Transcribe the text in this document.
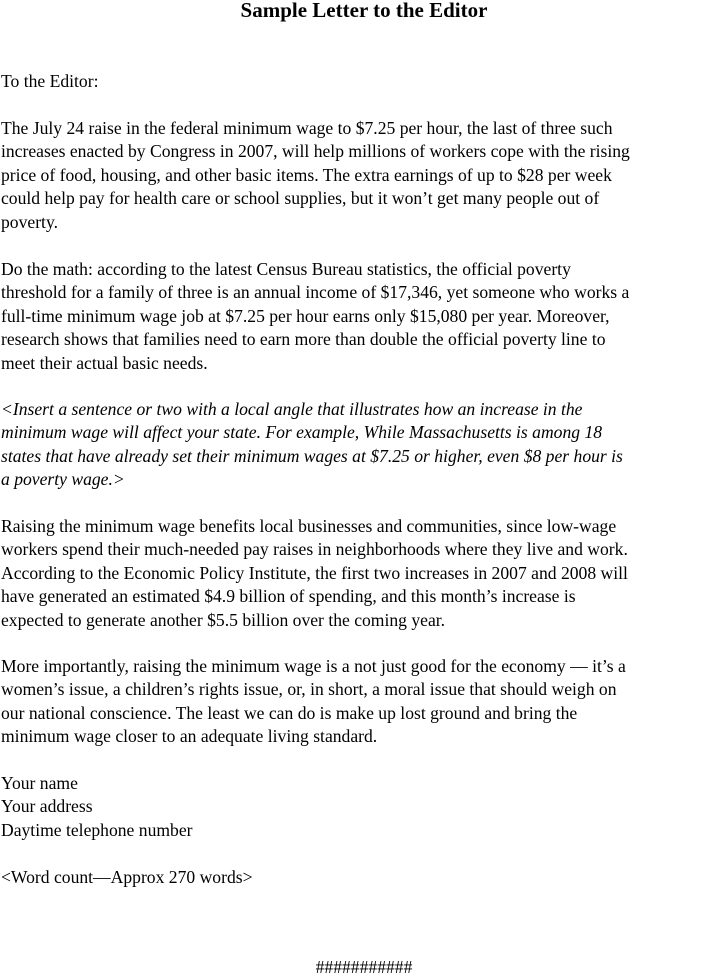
Sample Letter to the Editor

To the Editor:

The July 24 raise in the federal minimum wage to $7.25 per hour, the last of three such
increases enacted by Congress in 2007, will help millions of workers cope with the rising
price of food, housing, and other basic items. The extra earnings of up to $28 per week
could help pay for health care or school supplies, but it won’t get many people out of
poverty.
Do the math: according to the latest Census Bureau statistics, the official poverty
threshold for a family of three is an annual income of $17,346, yet someone who works a
full-time minimum wage job at $7.25 per hour earns only $15,080 per year. Moreover,
research shows that families need to earn more than double the official poverty line to
meet their actual basic needs.
<Insert a sentence or two with a local angle that illustrates how an increase in the
minimum wage will affect your state. For example, While Massachusetts is among 18
states that have already set their minimum wages at $7.25 or higher, even $8 per hour is
a poverty wage.>
Raising the minimum wage benefits local businesses and communities, since low-wage
workers spend their much-needed pay raises in neighborhoods where they live and work.
According to the Economic Policy Institute, the first two increases in 2007 and 2008 will
have generated an estimated $4.9 billion of spending, and this month’s increase is
expected to generate another $5.5 billion over the coming year.
More importantly, raising the minimum wage is a not just good for the economy — it’s a
women’s issue, a children’s rights issue, or, in short, a moral issue that should weigh on
our national conscience. The least we can do is make up lost ground and bring the
minimum wage closer to an adequate living standard.
Your name
Your address
Daytime telephone number

<Word count—Approx 270 words>

###########
